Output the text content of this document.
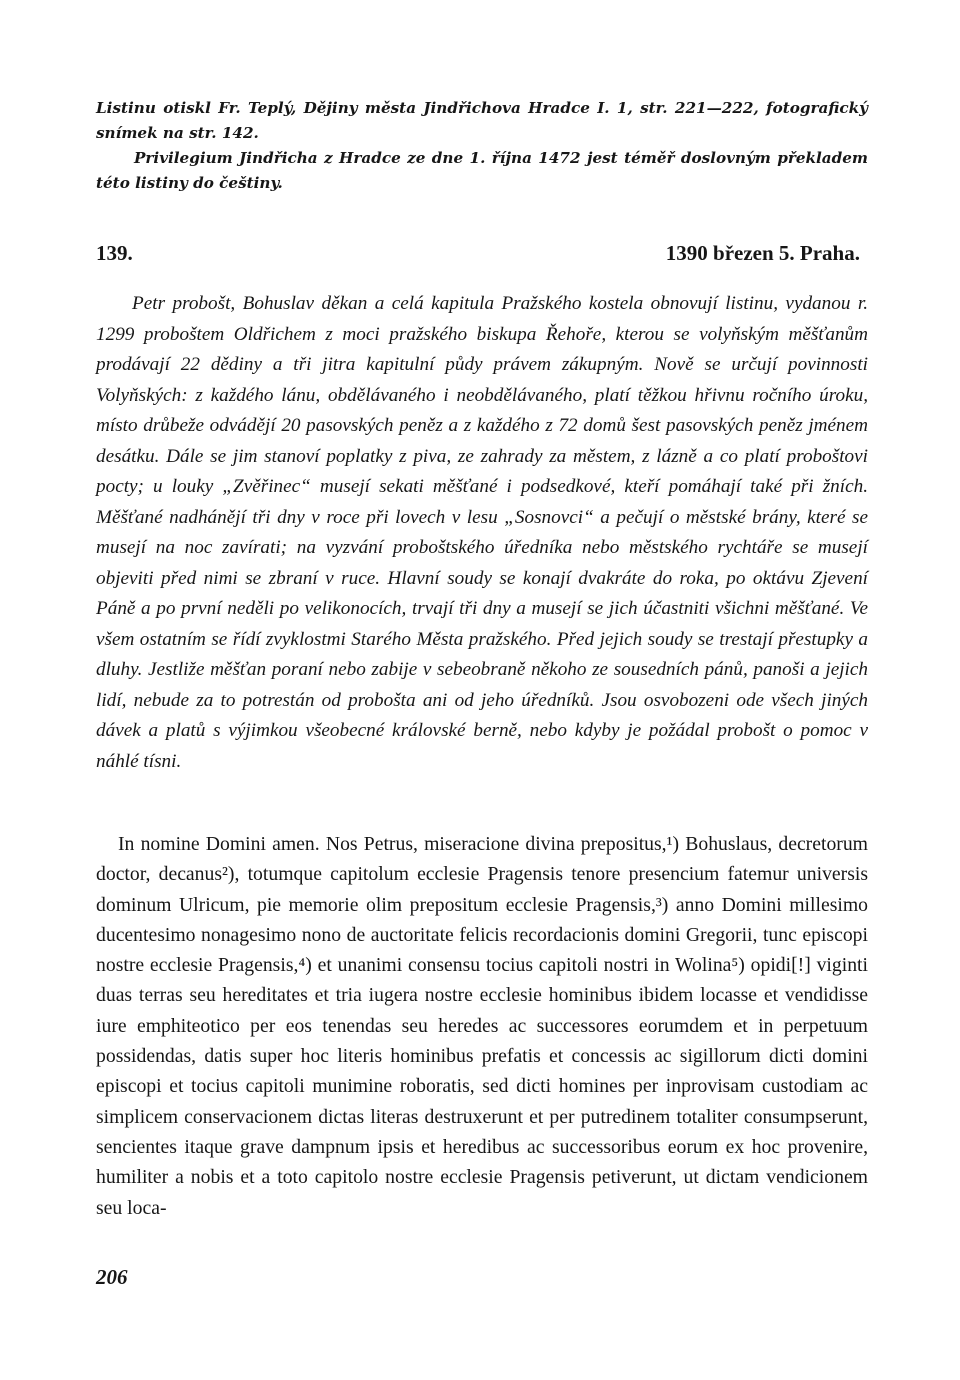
Listinu otiskl Fr. Teplý, Dějiny města Jindřichova Hradce I. 1, str. 221—222, fotografický snímek na str. 142.

Privilegium Jindřicha z Hradce ze dne 1. října 1472 jest téměř doslovným překladem této listiny do češtiny.

139.	1390 březen 5. Praha.

Petr probošt, Bohuslav děkan a celá kapitula Pražského kostela obnovují listinu, vydanou r. 1299 proboštem Oldřichem z moci pražského biskupa Řehoře, kterou se volyňským měšťanům prodávají 22 dědiny a tři jitra kapitulní půdy právem zákupným. Nově se určují povinnosti Volyňských: z každého lánu, obdělávaného i neobdělávaného, platí těžkou hřivnu ročního úroku, místo drůbeže odvádějí 20 pasovských peněz a z každého z 72 domů šest pasovských peněz jménem desátku. Dále se jim stanoví poplatky z piva, ze zahrady za městem, z lázně a co platí proboštovi pocty; u louky „Zvěřinec“ musejí sekati měšťané i podsedkové, kteří pomáhají také při žních. Měšťané nadhánějí tři dny v roce při lovech v lesu „Sosnovci“ a pečují o městské brány, které se musejí na noc zavírati; na vyzvání proboštského úředníka nebo městského rychtáře se musejí objeviti před nimi se zbraní v ruce. Hlavní soudy se konají dvakráte do roka, po oktávu Zjevení Páně a po první neděli po velikonocích, trvají tři dny a musejí se jich účastniti všichni měšťané. Ve všem ostatním se řídí zvyklostmi Starého Města pražského. Před jejich soudy se trestají přestupky a dluhy. Jestliže měšťan poraní nebo zabije v sebeobraně někoho ze sousedních pánů, panoši a jejich lidí, nebude za to potrestán od probošta ani od jeho úředníků. Jsou osvobozeni ode všech jiných dávek a platů s výjimkou všeobecné královské berně, nebo kdyby je požádal probošt o pomoc v náhlé tísni.

In nomine Domini amen. Nos Petrus, miseracione divina prepositus,¹) Bohuslaus, decretorum doctor, decanus²), totumque capitolum ecclesie Pragensis tenore presencium fatemur universis dominum Ulricum, pie memorie olim prepositum ecclesie Pragensis,³) anno Domini millesimo ducentesimo nonagesimo nono de auctoritate felicis recordacionis domini Gregorii, tunc episcopi nostre ecclesie Pragensis,⁴) et unanimi consensu tocius capitoli nostri in Wolina⁵) opidi[!] viginti duas terras seu hereditates et tria iugera nostre ecclesie hominibus ibidem locasse et vendidisse iure emphiteotico per eos tenendas seu heredes ac successores eorumdem et in perpetuum possidendas, datis super hoc literis hominibus prefatis et concessis ac sigillorum dicti domini episcopi et tocius capitoli munimine roboratis, sed dicti homines per inprovisam custodiam ac simplicem conservacionem dictas literas destruxerunt et per putredinem totaliter consumpserunt, sencientes itaque grave dampnum ipsis et heredibus ac successoribus eorum ex hoc provenire, humiliter a nobis et a toto capitolo nostre ecclesie Pragensis petiverunt, ut dictam vendicionem seu loca-

206
